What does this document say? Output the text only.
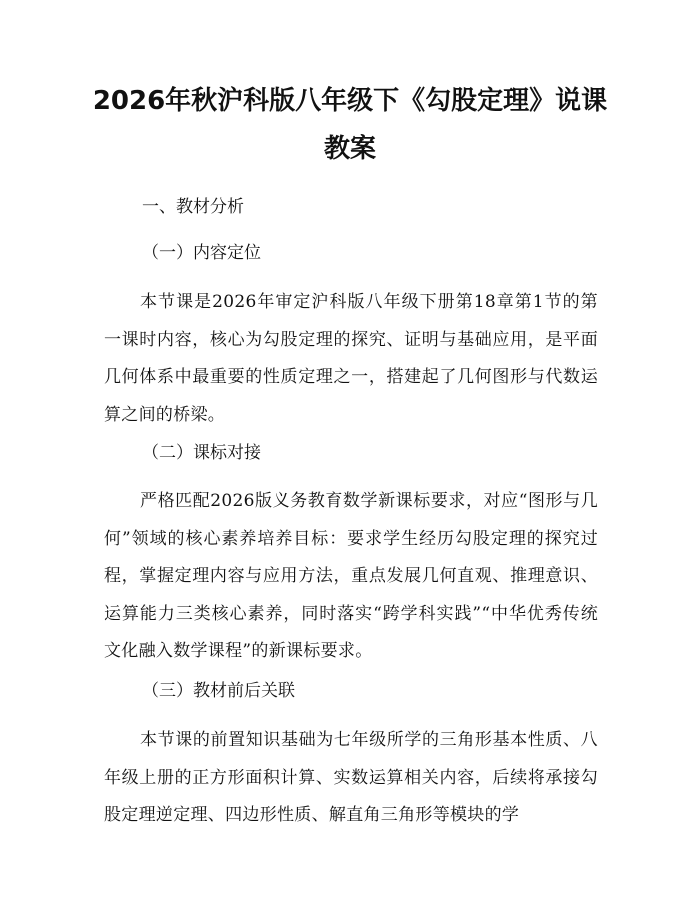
2026年秋沪科版八年级下《勾股定理》说课
教案
一、教材分析
（一）内容定位
本节课是2026年审定沪科版八年级下册第18章第1节的第一课时内容，核心为勾股定理的探究、证明与基础应用，是平面几何体系中最重要的性质定理之一，搭建起了几何图形与代数运算之间的桥梁。
（二）课标对接
严格匹配2026版义务教育数学新课标要求，对应“图形与几何”领域的核心素养培养目标：要求学生经历勾股定理的探究过程，掌握定理内容与应用方法，重点发展几何直观、推理意识、运算能力三类核心素养，同时落实“跨学科实践”“中华优秀传统文化融入数学课程”的新课标要求。
（三）教材前后关联
本节课的前置知识基础为七年级所学的三角形基本性质、八年级上册的正方形面积计算、实数运算相关内容，后续将承接勾股定理逆定理、四边形性质、解直角三角形等模块的学
